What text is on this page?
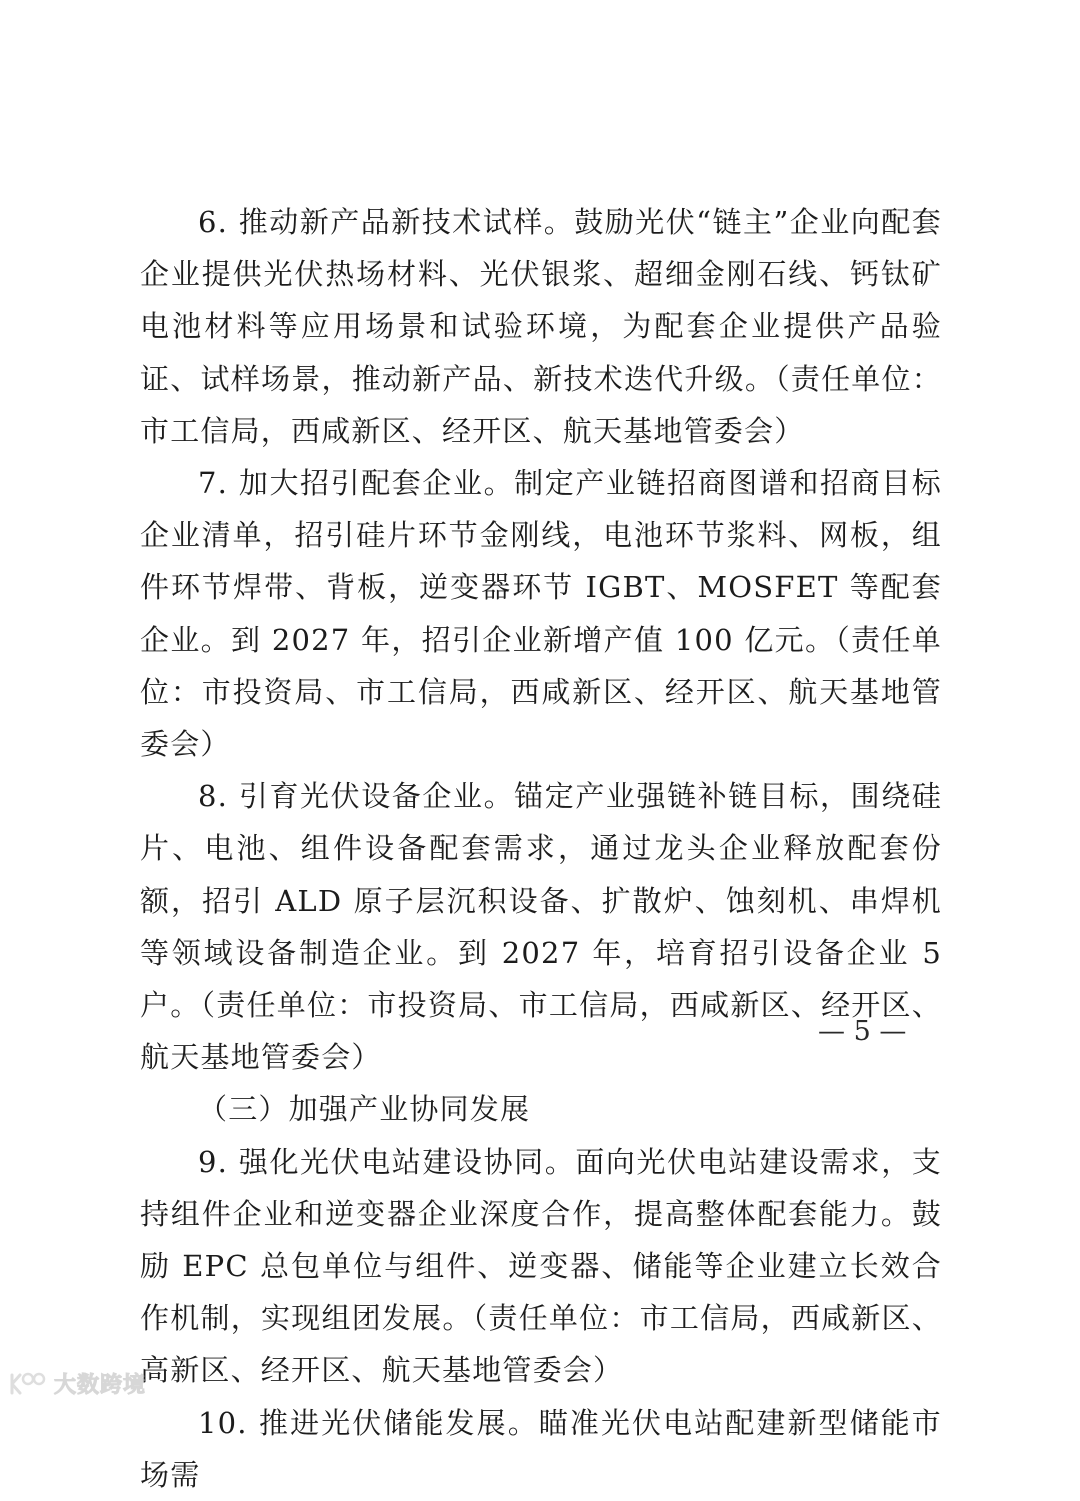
6. 推动新产品新技术试样。鼓励光伏“链主”企业向配套企业提供光伏热场材料、光伏银浆、超细金刚石线、钙钛矿电池材料等应用场景和试验环境，为配套企业提供产品验证、试样场景，推动新产品、新技术迭代升级。（责任单位：市工信局，西咸新区、经开区、航天基地管委会）

7. 加大招引配套企业。制定产业链招商图谱和招商目标企业清单，招引硅片环节金刚线，电池环节浆料、网板，组件环节焊带、背板，逆变器环节 IGBT、MOSFET 等配套企业。到 2027 年，招引企业新增产值 100 亿元。（责任单位：市投资局、市工信局，西咸新区、经开区、航天基地管委会）

8. 引育光伏设备企业。锚定产业强链补链目标，围绕硅片、电池、组件设备配套需求，通过龙头企业释放配套份额，招引 ALD 原子层沉积设备、扩散炉、蚀刻机、串焊机等领域设备制造企业。到 2027 年，培育招引设备企业 5 户。（责任单位：市投资局、市工信局，西咸新区、经开区、航天基地管委会）

（三）加强产业协同发展

9. 强化光伏电站建设协同。面向光伏电站建设需求，支持组件企业和逆变器企业深度合作，提高整体配套能力。鼓励 EPC 总包单位与组件、逆变器、储能等企业建立长效合作机制，实现组团发展。（责任单位：市工信局，西咸新区、高新区、经开区、航天基地管委会）

10. 推进光伏储能发展。瞄准光伏电站配建新型储能市场需

— 5 —
大数跨境
